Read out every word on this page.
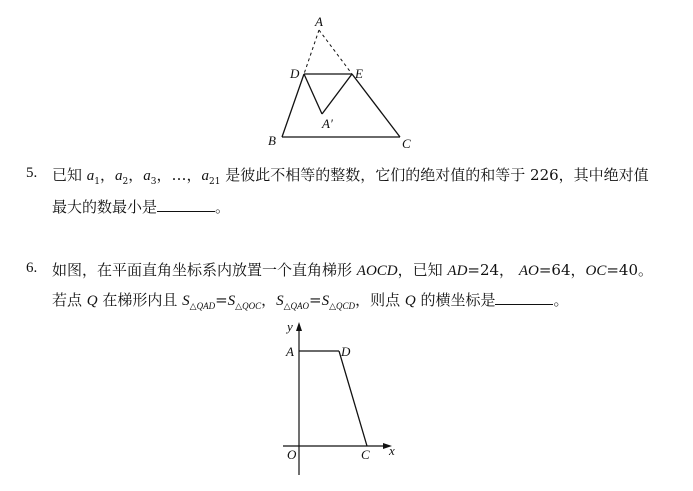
A
D	E
A′
B	C
5. 已知 $a_1$，$a_2$，$a_3$，…，$a_{21}$ 是彼此不相等的整数，它们的绝对值的和等于 226，其中绝对值
最大的数最小是	。
6. 如图，在平面直角坐标系内放置一个直角梯形 AOCD，已知 AD=24， AO=64，OC=40。
若点 Q 在梯形内且 $S_{\triangle QAD}=S_{\triangle QOC}$，$S_{\triangle QAO}=S_{\triangle QCD}$，则点 Q 的横坐标是	。
y
x
A	D
O	C
